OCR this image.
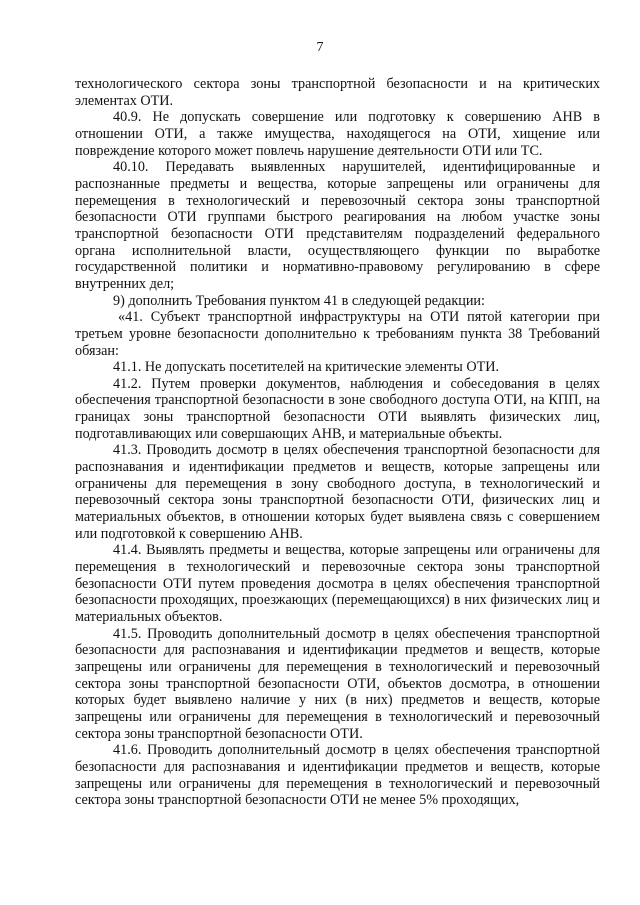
7

технологического сектора зоны транспортной безопасности и на критических элементах ОТИ.

40.9. Не допускать совершение или подготовку к совершению АНВ в отношении ОТИ, а также имущества, находящегося на ОТИ, хищение или повреждение которого может повлечь нарушение деятельности ОТИ или ТС.

40.10. Передавать выявленных нарушителей, идентифицированные и распознанные предметы и вещества, которые запрещены или ограничены для перемещения в технологический и перевозочный сектора зоны транспортной безопасности ОТИ группами быстрого реагирования на любом участке зоны транспортной безопасности ОТИ представителям подразделений федерального органа исполнительной власти, осуществляющего функции по выработке государственной политики и нормативно-правовому регулированию в сфере внутренних дел;

9) дополнить Требования пунктом 41 в следующей редакции:

«41. Субъект транспортной инфраструктуры на ОТИ пятой категории при третьем уровне безопасности дополнительно к требованиям пункта 38 Требований обязан:

41.1. Не допускать посетителей на критические элементы ОТИ.

41.2. Путем проверки документов, наблюдения и собеседования в целях обеспечения транспортной безопасности в зоне свободного доступа ОТИ, на КПП, на границах зоны транспортной безопасности ОТИ выявлять физических лиц, подготавливающих или совершающих АНВ, и материальные объекты.

41.3. Проводить досмотр в целях обеспечения транспортной безопасности для распознавания и идентификации предметов и веществ, которые запрещены или ограничены для перемещения в зону свободного доступа, в технологический и перевозочный сектора зоны транспортной безопасности ОТИ, физических лиц и материальных объектов, в отношении которых будет выявлена связь с совершением или подготовкой к совершению АНВ.

41.4. Выявлять предметы и вещества, которые запрещены или ограничены для перемещения в технологический и перевозочные сектора зоны транспортной безопасности ОТИ путем проведения досмотра в целях обеспечения транспортной безопасности проходящих, проезжающих (перемещающихся) в них физических лиц и материальных объектов.

41.5. Проводить дополнительный досмотр в целях обеспечения транспортной безопасности для распознавания и идентификации предметов и веществ, которые запрещены или ограничены для перемещения в технологический и перевозочный сектора зоны транспортной безопасности ОТИ, объектов досмотра, в отношении которых будет выявлено наличие у них (в них) предметов и веществ, которые запрещены или ограничены для перемещения в технологический и перевозочный сектора зоны транспортной безопасности ОТИ.

41.6. Проводить дополнительный досмотр в целях обеспечения транспортной безопасности для распознавания и идентификации предметов и веществ, которые запрещены или ограничены для перемещения в технологический и перевозочный сектора зоны транспортной безопасности ОТИ не менее 5% проходящих,
